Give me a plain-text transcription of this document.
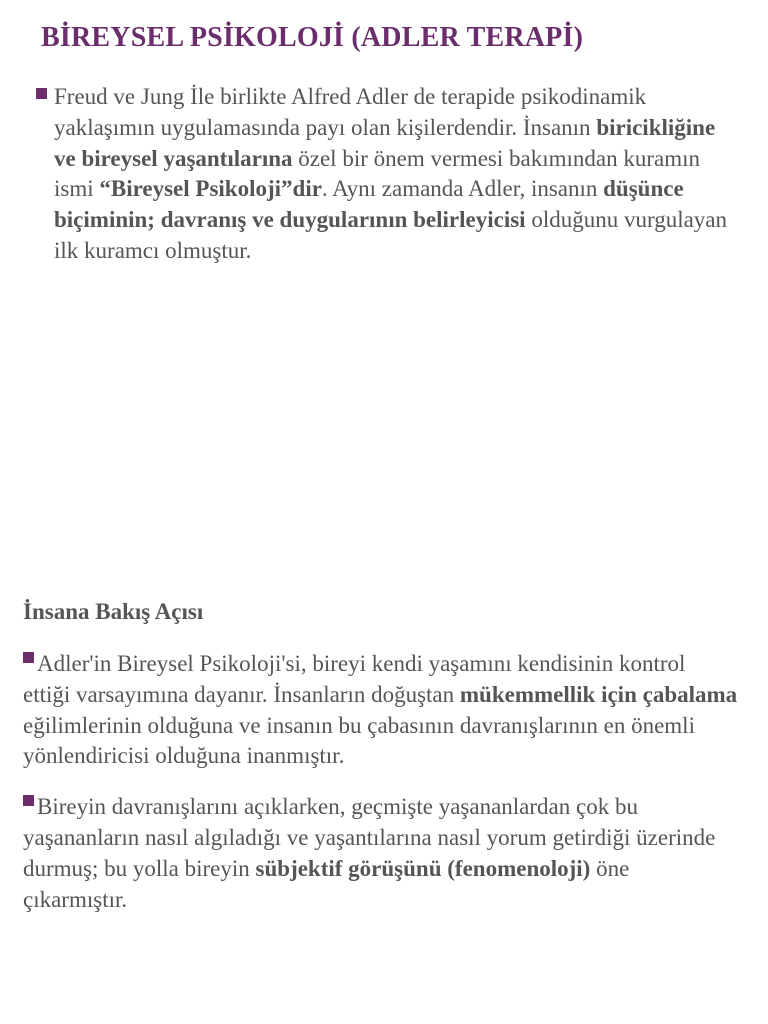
BİREYSEL PSİKOLOJİ (ADLER TERAPİ)
Freud ve Jung İle birlikte Alfred Adler de terapide psikodinamik yaklaşımın uygulamasında payı olan kişilerdendir. İnsanın biricikliğine ve bireysel yaşantılarına özel bir önem vermesi bakımından kuramın ismi “Bireysel Psikoloji”dir. Aynı zamanda Adler, insanın düşünce biçiminin; davranış ve duygularının belirleyicisi olduğunu vurgulayan ilk kuramcı olmuştur.
İnsana Bakış Açısı
Adler'in Bireysel Psikoloji'si, bireyi kendi yaşamını kendisinin kontrol ettiği varsayımına dayanır. İnsanların doğuştan mükemmellik için çabalama eğilimlerinin olduğuna ve insanın bu çabasının davranışlarının en önemli yönlendiricisi olduğuna inanmıştır.
Bireyin davranışlarını açıklarken, geçmişte yaşananlardan çok bu yaşananların nasıl algıladığı ve yaşantılarına nasıl yorum getirdiği üzerinde durmuş; bu yolla bireyin sübjektif görüşünü (fenomenoloji) öne çıkarmıştır.
